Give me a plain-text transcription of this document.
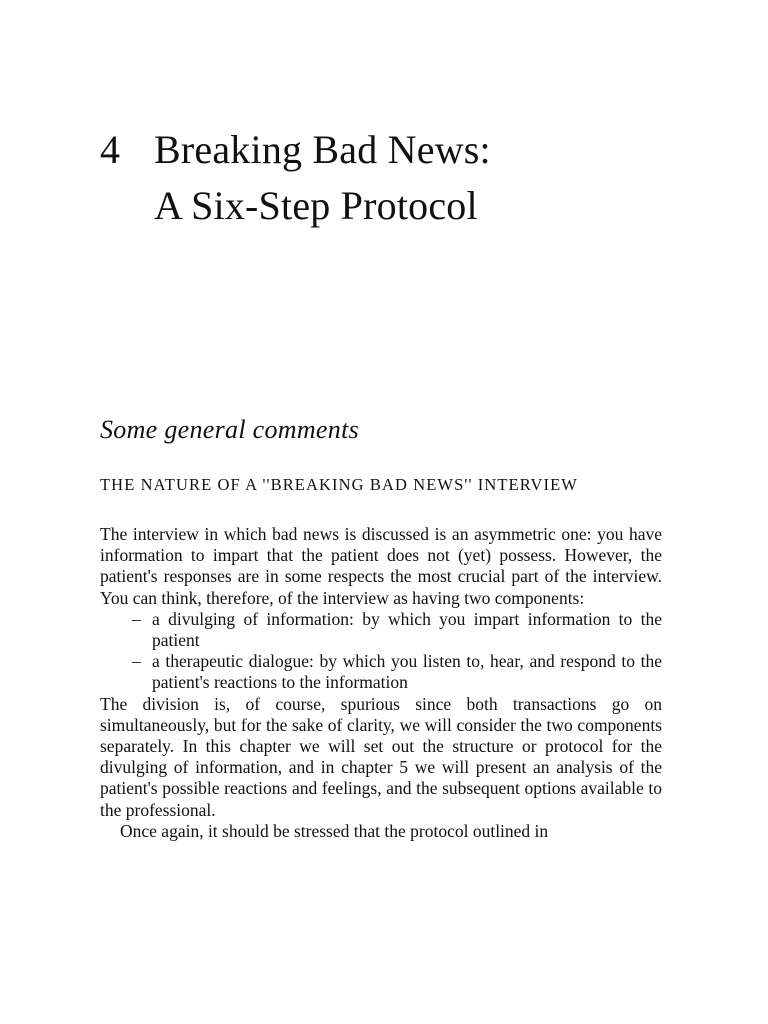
4 Breaking Bad News:
A Six-Step Protocol
Some general comments
THE NATURE OF A ''BREAKING BAD NEWS'' INTERVIEW

The interview in which bad news is discussed is an asymmetric one: you have information to impart that the patient does not (yet) possess. However, the patient's responses are in some respects the most crucial part of the interview. You can think, therefore, of the interview as having two components:

– a divulging of information: by which you impart information to the patient
– a therapeutic dialogue: by which you listen to, hear, and respond to the patient's reactions to the information

The division is, of course, spurious since both transactions go on simultaneously, but for the sake of clarity, we will consider the two components separately. In this chapter we will set out the structure or protocol for the divulging of information, and in chapter 5 we will present an analysis of the patient's possible reactions and feelings, and the subsequent options available to the professional.

Once again, it should be stressed that the protocol outlined in
